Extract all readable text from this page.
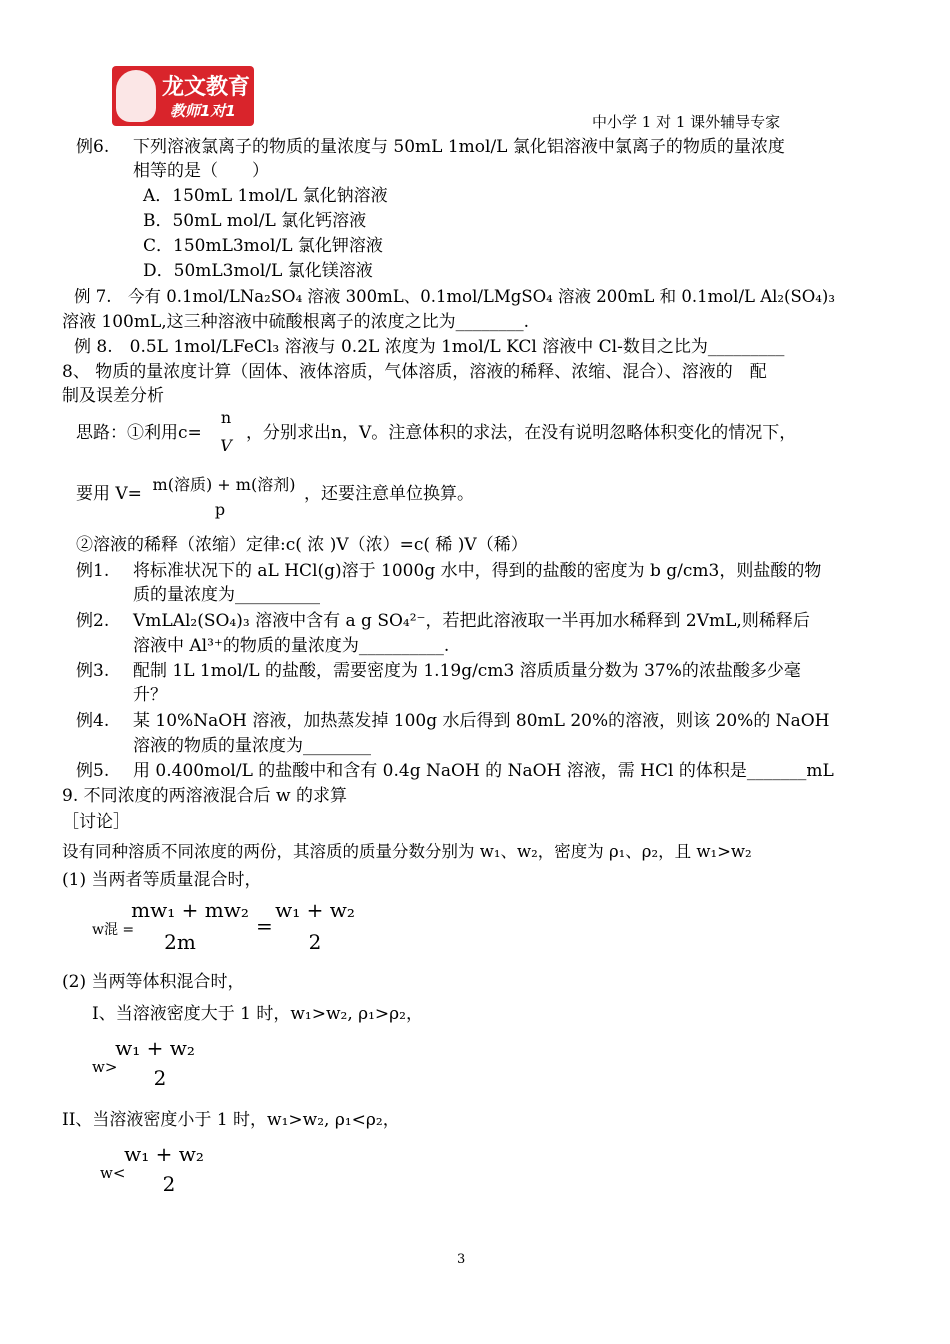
龙文教育
教师1对1
中小学 1 对 1 课外辅导专家
例6. 下列溶液氯离子的物质的量浓度与 50mL 1mol/L 氯化铝溶液中氯离子的物质的量浓度
相等的是（　　）
A．150mL 1mol/L 氯化钠溶液
B．50mL mol/L 氯化钙溶液
C．150mL3mol/L 氯化钾溶液
D．50mL3mol/L 氯化镁溶液
例 7.　今有 0.1mol/LNa₂SO₄ 溶液 300mL、0.1mol/LMgSO₄ 溶液 200mL 和 0.1mol/L Al₂(SO₄)₃
溶液 100mL,这三种溶液中硫酸根离子的浓度之比为________.
例 8.　0.5L 1mol/LFeCl₃ 溶液与 0.2L 浓度为 1mol/L KCl 溶液中 Cl-数目之比为_________
8、 物质的量浓度计算（固体、液体溶质，气体溶质，溶液的稀释、浓缩、混合）、溶液的　配
制及误差分析
思路：①利用c=
n
V
，分别求出n，V。注意体积的求法，在没有说明忽略体积变化的情况下，
要用 V= m(溶质) + m(溶剂)
p
，还要注意单位换算。
②溶液的稀释（浓缩）定律:c( 浓 )V（浓）=c( 稀 )V（稀）
例1. 将标准状况下的 aL HCl(g)溶于 1000g 水中，得到的盐酸的密度为 b g/cm3，则盐酸的物
质的量浓度为__________
例2. VmLAl₂(SO₄)₃ 溶液中含有 a g SO₄²⁻，若把此溶液取一半再加水稀释到 2VmL,则稀释后
溶液中 Al³⁺的物质的量浓度为__________.
例3. 配制 1L 1mol/L 的盐酸，需要密度为 1.19g/cm3 溶质质量分数为 37%的浓盐酸多少毫
升？
例4. 某 10%NaOH 溶液，加热蒸发掉 100g 水后得到 80mL 20%的溶液，则该 20%的 NaOH
溶液的物质的量浓度为________
例5. 用 0.400mol/L 的盐酸中和含有 0.4g NaOH 的 NaOH 溶液，需 HCl 的体积是_______mL
9. 不同浓度的两溶液混合后 w 的求算
［讨论］
设有同种溶质不同浓度的两份，其溶质的质量分数分别为 w₁、w₂，密度为 ρ₁、ρ₂，且 w₁>w₂
(1) 当两者等质量混合时，
w混 =
mw₁ + mw₂
2m
=
w₁ + w₂
2
(2) 当两等体积混合时，
I、当溶液密度大于 1 时，w₁>w₂, ρ₁>ρ₂，
w>
w₁ + w₂
2
II、当溶液密度小于 1 时，w₁>w₂, ρ₁<ρ₂，
w<
w₁ + w₂
2
3
